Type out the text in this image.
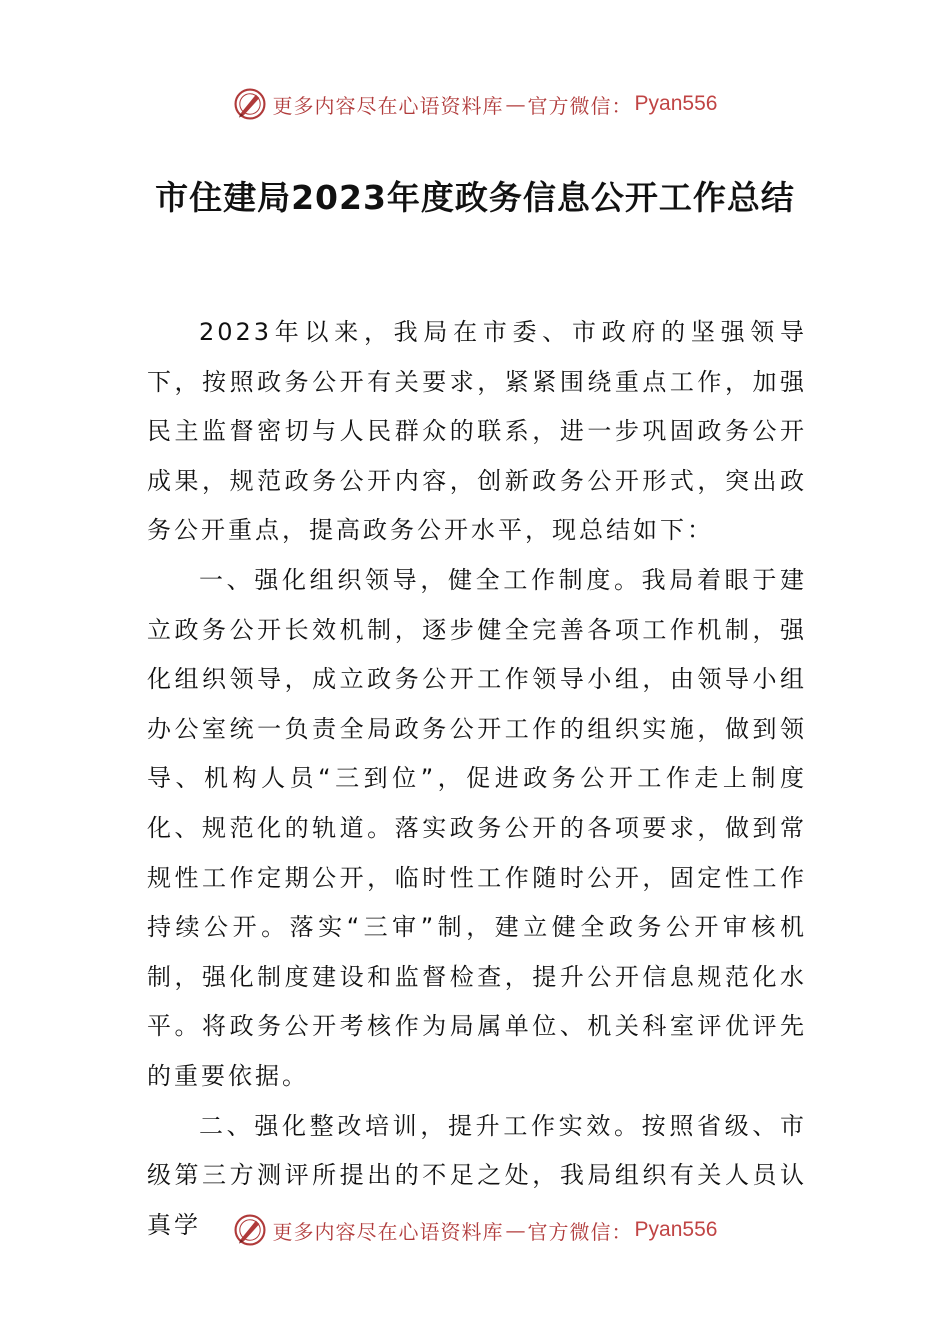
更多内容尽在心语资料库 — 官方微信： Pyan556
市住建局2023年度政务信息公开工作总结

2023年以来，我局在市委、市政府的坚强领导下，按照政务公开有关要求，紧紧围绕重点工作，加强民主监督密切与人民群众的联系，进一步巩固政务公开成果，规范政务公开内容，创新政务公开形式，突出政务公开重点，提高政务公开水平，现总结如下：

一、强化组织领导，健全工作制度。我局着眼于建立政务公开长效机制，逐步健全完善各项工作机制，强化组织领导，成立政务公开工作领导小组，由领导小组办公室统一负责全局政务公开工作的组织实施，做到领导、机构人员“三到位”，促进政务公开工作走上制度化、规范化的轨道。落实政务公开的各项要求，做到常规性工作定期公开，临时性工作随时公开，固定性工作持续公开。落实“三审”制，建立健全政务公开审核机制，强化制度建设和监督检查，提升公开信息规范化水平。将政务公开考核作为局属单位、机关科室评优评先的重要依据。

二、强化整改培训，提升工作实效。按照省级、市级第三方测评所提出的不足之处，我局组织有关人员认真学	更多内容尽在心语资料库 — 官方微信： Pyan556
